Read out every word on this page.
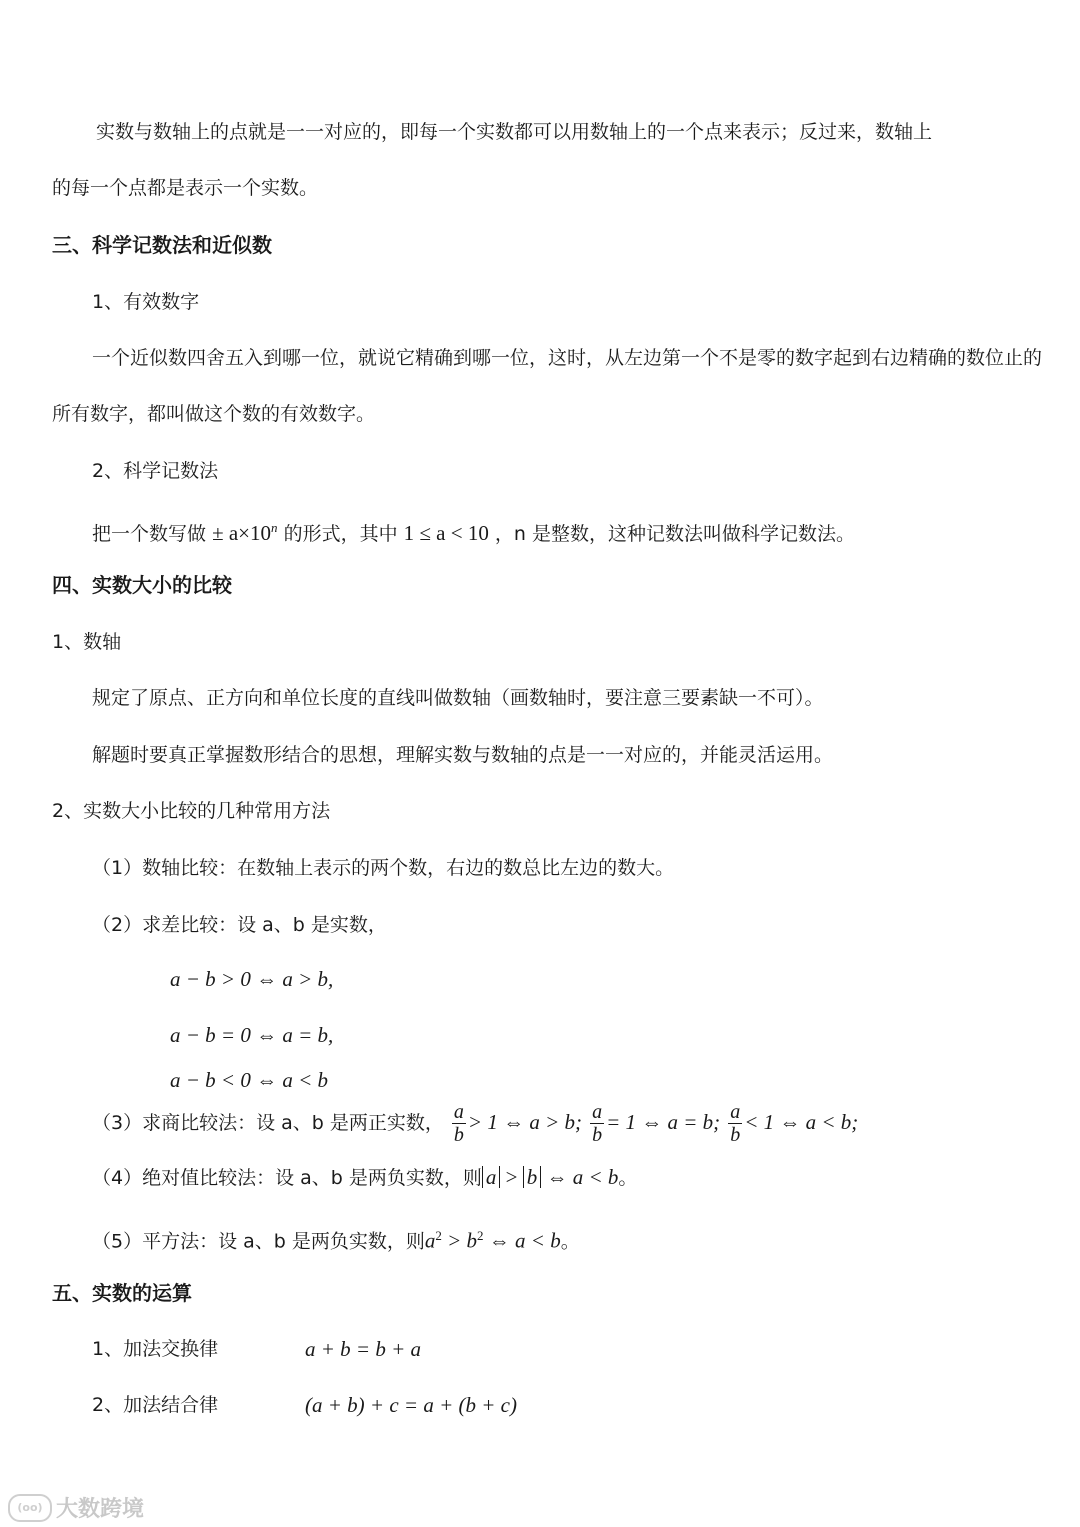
实数与数轴上的点就是一一对应的，即每一个实数都可以用数轴上的一个点来表示；反过来，数轴上
的每一个点都是表示一个实数。
三、科学记数法和近似数
1、有效数字
一个近似数四舍五入到哪一位，就说它精确到哪一位，这时，从左边第一个不是零的数字起到右边精确的数位止的
所有数字，都叫做这个数的有效数字。
2、科学记数法
把一个数写做 ± $a\times 10^n$ 的形式，其中 1 ≤ a < 10 ，n 是整数，这种记数法叫做科学记数法。
四、实数大小的比较
1、数轴
规定了原点、正方向和单位长度的直线叫做数轴（画数轴时，要注意三要素缺一不可）。
解题时要真正掌握数形结合的思想，理解实数与数轴的点是一一对应的，并能灵活运用。
2、实数大小比较的几种常用方法
（1）数轴比较：在数轴上表示的两个数，右边的数总比左边的数大。
（2）求差比较：设 a、b 是实数，
a − b > 0 ⇔ a > b,
a − b = 0 ⇔ a = b,
a − b < 0 ⇔ a < b
（3）求商比较法：设 a、b 是两正实数， $\frac{a}{b} > 1$ ⇔ a > b; $\frac{a}{b} = 1$ ⇔ a = b; $\frac{a}{b} < 1$ ⇔ a < b;
（4）绝对值比较法：设 a、b 是两负实数，则 a > b ⇔ a < b。
（5）平方法：设 a、b 是两负实数，则$a^2 > b^2$ ⇔ a < b。
五、实数的运算
1、加法交换律	a + b = b + a
2、加法结合律	(a + b) + c = a + (b + c)
(oo) 大数跨境
